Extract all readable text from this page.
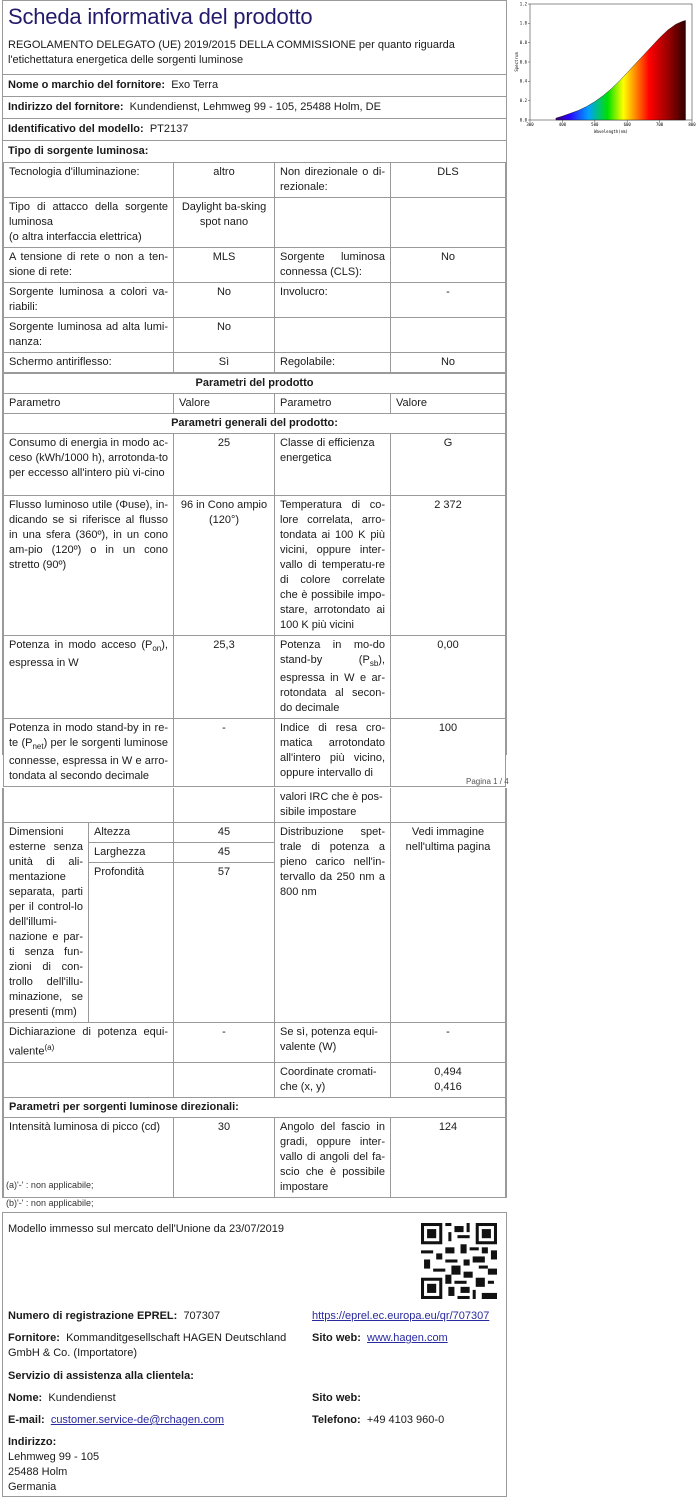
300	400	500	600	700	800
0.0
0.2
0.4
0.6
0.8
1.0
1.2
Wavelength(nm)
Spectrum
Scheda informativa del prodotto
REGOLAMENTO DELEGATO (UE) 2019/2015 DELLA COMMISSIONE per quanto riguarda l'etichettatura energetica delle sorgenti luminose
Nome o marchio del fornitore: Exo Terra
Indirizzo del fornitore: Kundendienst, Lehmweg 99 - 105, 25488 Holm, DE
Identificativo del modello: PT2137
Tipo di sorgente luminosa:
Tecnologia d'illuminazione:	altro	Non direzionale o di-rezionale:	DLS
Tipo di attacco della sorgente luminosa
(o altra interfaccia elettrica)	Daylight ba-sking spot nano		
A tensione di rete o non a ten-sione di rete:	MLS	Sorgente luminosa connessa (CLS):	No
Sorgente luminosa a colori va-riabili:	No	Involucro:	-
Sorgente luminosa ad alta lumi-nanza:	No		
Schermo antiriflesso:	Sì	Regolabile:	No
Parametri del prodotto			
Parametro	Valore	Parametro	Valore
Parametri generali del prodotto:			
Consumo di energia in modo ac-ceso (kWh/1000 h), arrotonda-to per eccesso all'intero più vi-cino	25	Classe di efficienza energetica	G
Flusso luminoso utile (Φuse), in-dicando se si riferisce al flusso in una sfera (360º), in un cono am-pio (120º) o in un cono stretto (90º)	96 in Cono ampio (120°)	Temperatura di co-lore correlata, arro-tondata ai 100 K più vicini, oppure inter-vallo di temperatu-re di colore correlate che è possibile impo-stare, arrotondato ai 100 K più vicini	2 372
Potenza in modo acceso $(P_{on})$, espressa in W	25,3	Potenza in mo-do stand-by $(P_{sb})$, espressa in W e ar-rotondata al secon-do decimale	0,00
Potenza in modo stand-by in re-te $(P_{net})$ per le sorgenti luminose connesse, espressa in W e arro-tondata al secondo decimale	-	Indice di resa cro-matica arrotondato all'intero più vicino, oppure intervallo di	100
Pagina 1 / 4
			valori IRC che è pos-sibile impostare	
Dimensioni esterne senza unità di ali-mentazione separata, parti per il control-lo dell'illumi-nazione e par-ti senza fun-zioni di con-trollo dell'illu-minazione, se presenti (mm)	Altezza	45	Distribuzione spet-trale di potenza a pieno carico nell'in-tervallo da 250 nm a 800 nm	Vedi immagine nell'ultima pagina
	Larghezza	45		
	Profondità	57		
Dichiarazione di potenza equi-valente$^{(a)}$		-	Se sì, potenza equi-valente (W)	-
			Coordinate cromati-che (x, y)	0,494
0,416

Parametri per sorgenti luminose direzionali:				
Intensità luminosa di picco (cd)		30	Angolo del fascio in gradi, oppure inter-vallo di angoli del fa-scio che è possibile impostare	124
(a)'-' : non applicabile;
(b)'-' : non applicabile;
Modello immesso sul mercato dell'Unione da 23/07/2019
Numero di registrazione EPREL: 707307	https://eprel.ec.europa.eu/qr/707307
Fornitore: Kommanditgesellschaft HAGEN Deutschland GmbH & Co. (Importatore)
Sito web: www.hagen.com
Servizio di assistenza alla clientela:
Nome: Kundendienst	Sito web:
E-mail: customer.service-de@rchagen.com	Telefono: +49 4103 960-0
Indirizzo:
Lehmweg 99 - 105
25488 Holm
Germania
